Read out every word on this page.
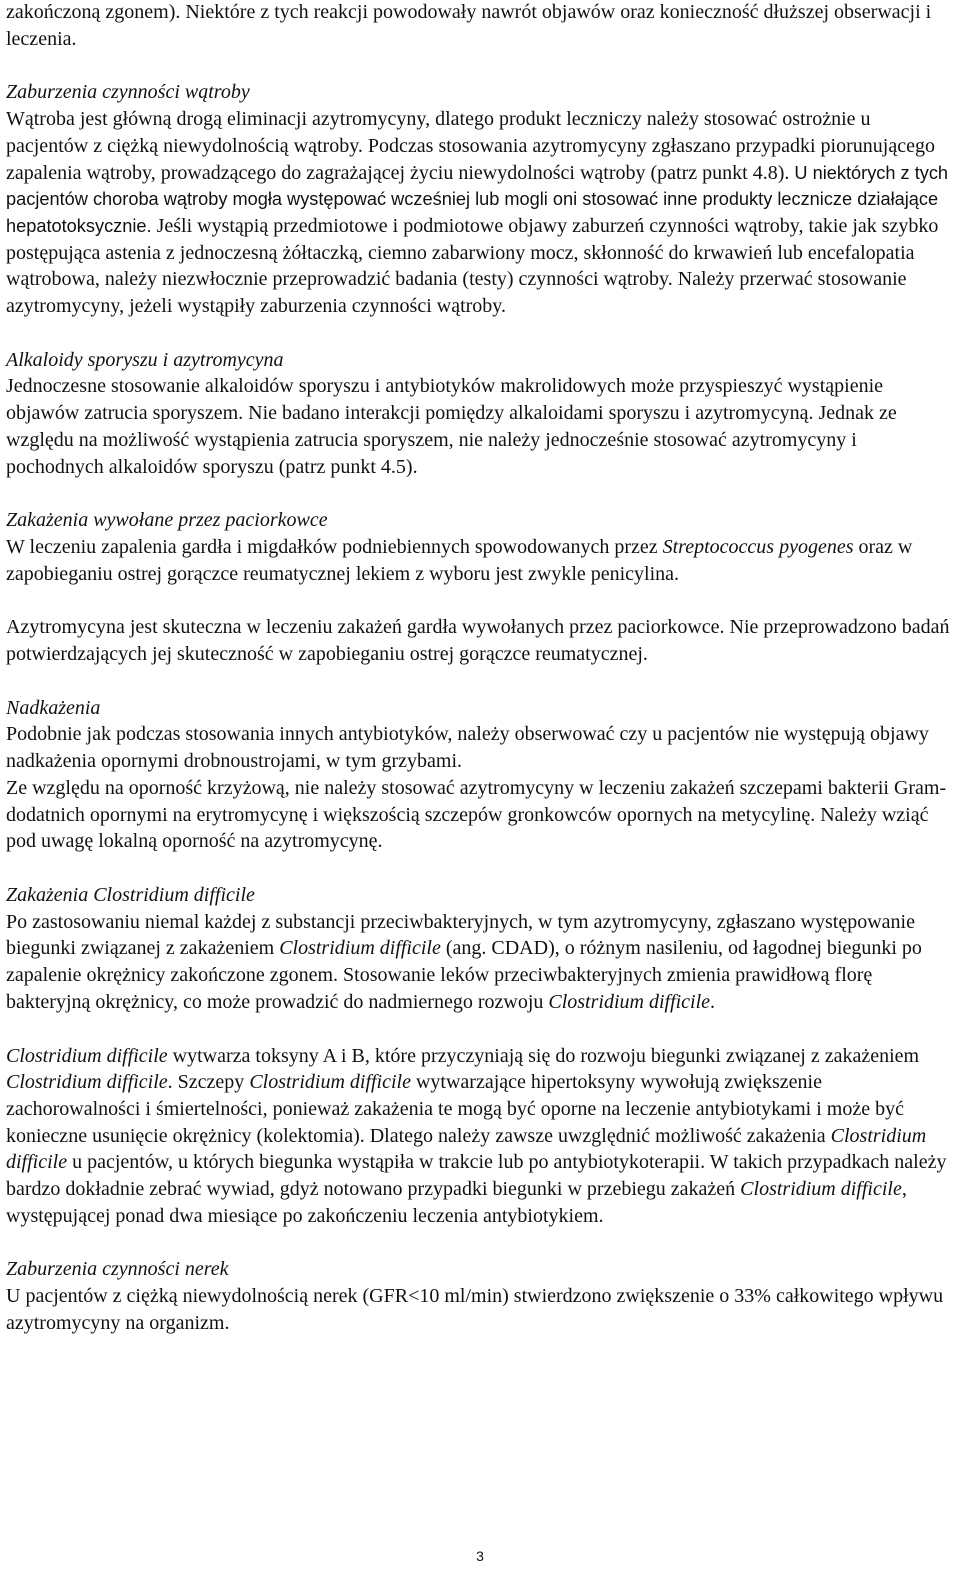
zakończoną zgonem). Niektóre z tych reakcji powodowały nawrót objawów oraz konieczność dłuższej obserwacji i leczenia.

Zaburzenia czynności wątroby

Wątroba jest główną drogą eliminacji azytromycyny, dlatego produkt leczniczy należy stosować ostrożnie u pacjentów z ciężką niewydolnością wątroby. Podczas stosowania azytromycyny zgłaszano przypadki piorunującego zapalenia wątroby, prowadzącego do zagrażającej życiu niewydolności wątroby (patrz punkt 4.8). U niektórych z tych pacjentów choroba wątroby mogła występować wcześniej lub mogli oni stosować inne produkty lecznicze działające hepatotoksycznie. Jeśli wystąpią przedmiotowe i podmiotowe objawy zaburzeń czynności wątroby, takie jak szybko postępująca astenia z jednoczesną żółtaczką, ciemno zabarwiony mocz, skłonność do krwawień lub encefalopatia wątrobowa, należy niezwłocznie przeprowadzić badania (testy) czynności wątroby. Należy przerwać stosowanie azytromycyny, jeżeli wystąpiły zaburzenia czynności wątroby.

Alkaloidy sporyszu i azytromycyna

Jednoczesne stosowanie alkaloidów sporyszu i antybiotyków makrolidowych może przyspieszyć wystąpienie objawów zatrucia sporyszem. Nie badano interakcji pomiędzy alkaloidami sporyszu i azytromycyną. Jednak ze względu na możliwość wystąpienia zatrucia sporyszem, nie należy jednocześnie stosować azytromycyny i pochodnych alkaloidów sporyszu (patrz punkt 4.5).

Zakażenia wywołane przez paciorkowce

W leczeniu zapalenia gardła i migdałków podniebiennych spowodowanych przez Streptococcus pyogenes oraz w zapobieganiu ostrej gorączce reumatycznej lekiem z wyboru jest zwykle penicylina.

Azytromycyna jest skuteczna w leczeniu zakażeń gardła wywołanych przez paciorkowce. Nie przeprowadzono badań potwierdzających jej skuteczność w zapobieganiu ostrej gorączce reumatycznej.

Nadkażenia

Podobnie jak podczas stosowania innych antybiotyków, należy obserwować czy u pacjentów nie występują objawy nadkażenia opornymi drobnoustrojami, w tym grzybami.

Ze względu na oporność krzyżową, nie należy stosować azytromycyny w leczeniu zakażeń szczepami bakterii Gram-dodatnich opornymi na erytromycynę i większością szczepów gronkowców opornych na metycylinę. Należy wziąć pod uwagę lokalną oporność na azytromycynę.

Zakażenia Clostridium difficile

Po zastosowaniu niemal każdej z substancji przeciwbakteryjnych, w tym azytromycyny, zgłaszano występowanie biegunki związanej z zakażeniem Clostridium difficile (ang. CDAD), o różnym nasileniu, od łagodnej biegunki po zapalenie okrężnicy zakończone zgonem. Stosowanie leków przeciwbakteryjnych zmienia prawidłową florę bakteryjną okrężnicy, co może prowadzić do nadmiernego rozwoju Clostridium difficile.

Clostridium difficile wytwarza toksyny A i B, które przyczyniają się do rozwoju biegunki związanej z zakażeniem Clostridium difficile. Szczepy Clostridium difficile wytwarzające hipertoksyny wywołują zwiększenie zachorowalności i śmiertelności, ponieważ zakażenia te mogą być oporne na leczenie antybiotykami i może być konieczne usunięcie okrężnicy (kolektomia). Dlatego należy zawsze uwzględnić możliwość zakażenia Clostridium difficile u pacjentów, u których biegunka wystąpiła w trakcie lub po antybiotykoterapii. W takich przypadkach należy bardzo dokładnie zebrać wywiad, gdyż notowano przypadki biegunki w przebiegu zakażeń Clostridium difficile, występującej ponad dwa miesiące po zakończeniu leczenia antybiotykiem.

Zaburzenia czynności nerek

U pacjentów z ciężką niewydolnością nerek (GFR<10 ml/min) stwierdzono zwiększenie o 33% całkowitego wpływu azytromycyny na organizm.

3
